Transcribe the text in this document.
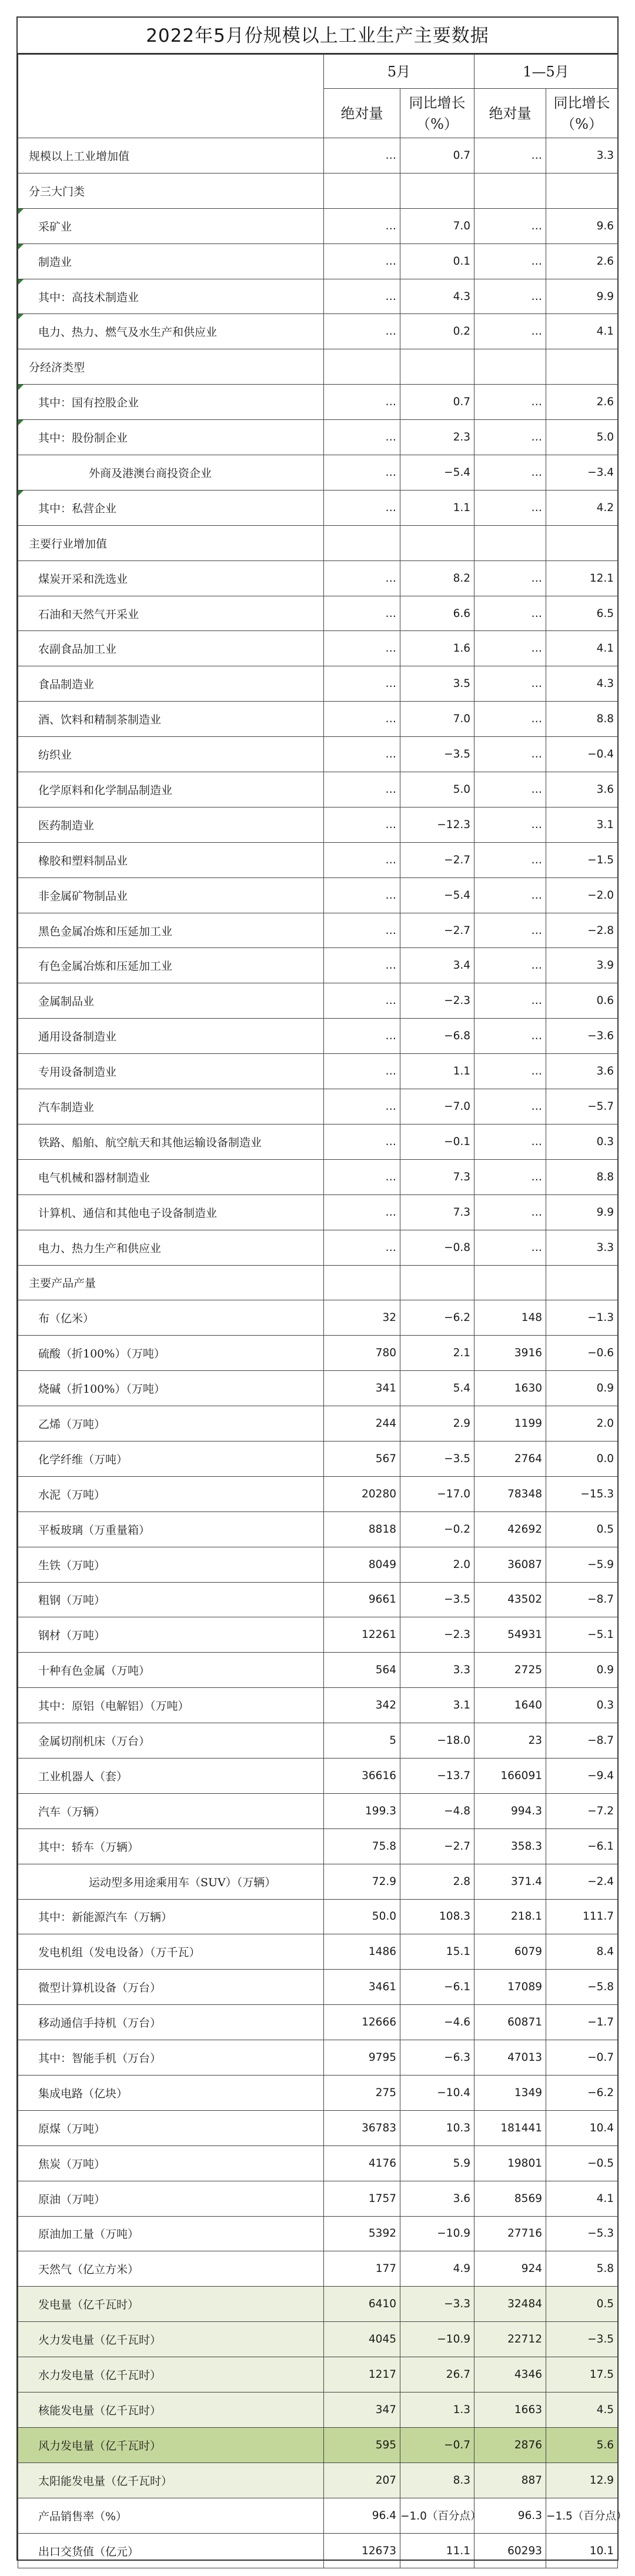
2022年5月份规模以上工业生产主要数据
	5月		1—5月	
	绝对量	同比增长（%）	绝对量	同比增长（%）
规模以上工业增加值	…	0.7	…	3.3
分三大门类				
采矿业	…	7.0	…	9.6
制造业	…	0.1	…	2.6
其中：高技术制造业	…	4.3	…	9.9
电力、热力、燃气及水生产和供应业	…	0.2	…	4.1
分经济类型				
其中：国有控股企业	…	0.7	…	2.6
其中：股份制企业	…	2.3	…	5.0
外商及港澳台商投资企业	…	−5.4	…	−3.4
其中：私营企业	…	1.1	…	4.2
主要行业增加值				
煤炭开采和洗选业	…	8.2	…	12.1
石油和天然气开采业	…	6.6	…	6.5
农副食品加工业	…	1.6	…	4.1
食品制造业	…	3.5	…	4.3
酒、饮料和精制茶制造业	…	7.0	…	8.8
纺织业	…	−3.5	…	−0.4
化学原料和化学制品制造业	…	5.0	…	3.6
医药制造业	…	−12.3	…	3.1
橡胶和塑料制品业	…	−2.7	…	−1.5
非金属矿物制品业	…	−5.4	…	−2.0
黑色金属冶炼和压延加工业	…	−2.7	…	−2.8
有色金属冶炼和压延加工业	…	3.4	…	3.9
金属制品业	…	−2.3	…	0.6
通用设备制造业	…	−6.8	…	−3.6
专用设备制造业	…	1.1	…	3.6
汽车制造业	…	−7.0	…	−5.7
铁路、船舶、航空航天和其他运输设备制造业	…	−0.1	…	0.3
电气机械和器材制造业	…	7.3	…	8.8
计算机、通信和其他电子设备制造业	…	7.3	…	9.9
电力、热力生产和供应业	…	−0.8	…	3.3
主要产品产量				
布（亿米）	32	−6.2	148	−1.3
硫酸（折100%）（万吨）	780	2.1	3916	−0.6
烧碱（折100%）（万吨）	341	5.4	1630	0.9
乙烯（万吨）	244	2.9	1199	2.0
化学纤维（万吨）	567	−3.5	2764	0.0
水泥（万吨）	20280	−17.0	78348	−15.3
平板玻璃（万重量箱）	8818	−0.2	42692	0.5
生铁（万吨）	8049	2.0	36087	−5.9
粗钢（万吨）	9661	−3.5	43502	−8.7
钢材（万吨）	12261	−2.3	54931	−5.1
十种有色金属（万吨）	564	3.3	2725	0.9
其中：原铝（电解铝）（万吨）	342	3.1	1640	0.3
金属切削机床（万台）	5	−18.0	23	−8.7
工业机器人（套）	36616	−13.7	166091	−9.4
汽车（万辆）	199.3	−4.8	994.3	−7.2
其中：轿车（万辆）	75.8	−2.7	358.3	−6.1
运动型多用途乘用车（SUV）（万辆）	72.9	2.8	371.4	−2.4
其中：新能源汽车（万辆）	50.0	108.3	218.1	111.7
发电机组（发电设备）（万千瓦）	1486	15.1	6079	8.4
微型计算机设备（万台）	3461	−6.1	17089	−5.8
移动通信手持机（万台）	12666	−4.6	60871	−1.7
其中：智能手机（万台）	9795	−6.3	47013	−0.7
集成电路（亿块）	275	−10.4	1349	−6.2
原煤（万吨）	36783	10.3	181441	10.4
焦炭（万吨）	4176	5.9	19801	−0.5
原油（万吨）	1757	3.6	8569	4.1
原油加工量（万吨）	5392	−10.9	27716	−5.3
天然气（亿立方米）	177	4.9	924	5.8
发电量（亿千瓦时）	6410	−3.3	32484	0.5
火力发电量（亿千瓦时）	4045	−10.9	22712	−3.5
水力发电量（亿千瓦时）	1217	26.7	4346	17.5
核能发电量（亿千瓦时）	347	1.3	1663	4.5
风力发电量（亿千瓦时）	595	−0.7	2876	5.6
太阳能发电量（亿千瓦时）	207	8.3	887	12.9
产品销售率（%）	96.4	−1.0（百分点）	96.3	−1.5（百分点）
出口交货值（亿元）	12673	11.1	60293	10.1
